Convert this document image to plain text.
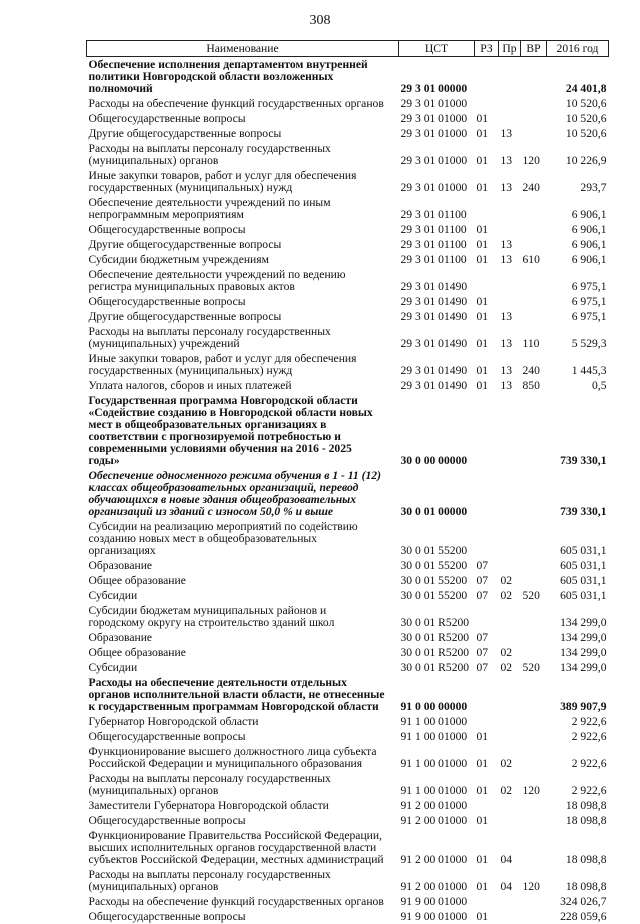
308
Наименование	ЦСТ	РЗ	Пр	ВР	2016 год
Обеспечение исполнения департаментом внутренней политики Новгородской области возложенных полномочий	29 3 01 00000				24 401,8
Расходы на обеспечение функций государственных органов	29 3 01 01000				10 520,6
Общегосударственные вопросы	29 3 01 01000	01			10 520,6
Другие общегосударственные вопросы	29 3 01 01000	01	13		10 520,6
Расходы на выплаты персоналу государственных (муниципальных) органов	29 3 01 01000	01	13	120	10 226,9
Иные закупки товаров, работ и услуг для обеспечения государственных (муниципальных) нужд	29 3 01 01000	01	13	240	293,7
Обеспечение деятельности учреждений по иным непрограммным мероприятиям	29 3 01 01100				6 906,1
Общегосударственные вопросы	29 3 01 01100	01			6 906,1
Другие общегосударственные вопросы	29 3 01 01100	01	13		6 906,1
Субсидии бюджетным учреждениям	29 3 01 01100	01	13	610	6 906,1
Обеспечение деятельности учреждений по ведению регистра муниципальных правовых актов	29 3 01 01490				6 975,1
Общегосударственные вопросы	29 3 01 01490	01			6 975,1
Другие общегосударственные вопросы	29 3 01 01490	01	13		6 975,1
Расходы на выплаты персоналу государственных (муниципальных) учреждений	29 3 01 01490	01	13	110	5 529,3
Иные закупки товаров, работ и услуг для обеспечения государственных (муниципальных) нужд	29 3 01 01490	01	13	240	1 445,3
Уплата налогов, сборов и иных платежей	29 3 01 01490	01	13	850	0,5
Государственная программа Новгородской области «Содействие созданию в Новгородской области новых мест в общеобразовательных организациях в соответствии с прогнозируемой потребностью и современными условиями обучения на 2016 - 2025 годы»	30 0 00 00000				739 330,1
Обеспечение односменного режима обучения в 1 - 11 (12) классах общеобразовательных организаций, перевод обучающихся в новые здания общеобразовательных организаций из зданий с износом 50,0 % и выше	30 0 01 00000				739 330,1
Субсидии на реализацию мероприятий по содействию созданию новых мест в общеобразовательных организациях	30 0 01 55200				605 031,1
Образование	30 0 01 55200	07			605 031,1
Общее образование	30 0 01 55200	07	02		605 031,1
Субсидии	30 0 01 55200	07	02	520	605 031,1
Субсидии бюджетам муниципальных районов и городскому округу на строительство зданий школ	30 0 01 R5200				134 299,0
Образование	30 0 01 R5200	07			134 299,0
Общее образование	30 0 01 R5200	07	02		134 299,0
Субсидии	30 0 01 R5200	07	02	520	134 299,0
Расходы на обеспечение деятельности отдельных органов исполнительной власти области, не отнесенные к государственным программам Новгородской области	91 0 00 00000				389 907,9
Губернатор Новгородской области	91 1 00 01000				2 922,6
Общегосударственные вопросы	91 1 00 01000	01			2 922,6
Функционирование высшего должностного лица субъекта Российской Федерации и муниципального образования	91 1 00 01000	01	02		2 922,6
Расходы на выплаты персоналу государственных (муниципальных) органов	91 1 00 01000	01	02	120	2 922,6
Заместители Губернатора Новгородской области	91 2 00 01000				18 098,8
Общегосударственные вопросы	91 2 00 01000	01			18 098,8
Функционирование Правительства Российской Федерации, высших исполнительных органов государственной власти субъектов Российской Федерации, местных администраций	91 2 00 01000	01	04		18 098,8
Расходы на выплаты персоналу государственных (муниципальных) органов	91 2 00 01000	01	04	120	18 098,8
Расходы на обеспечение функций государственных органов	91 9 00 01000				324 026,7
Общегосударственные вопросы	91 9 00 01000	01			228 059,6
